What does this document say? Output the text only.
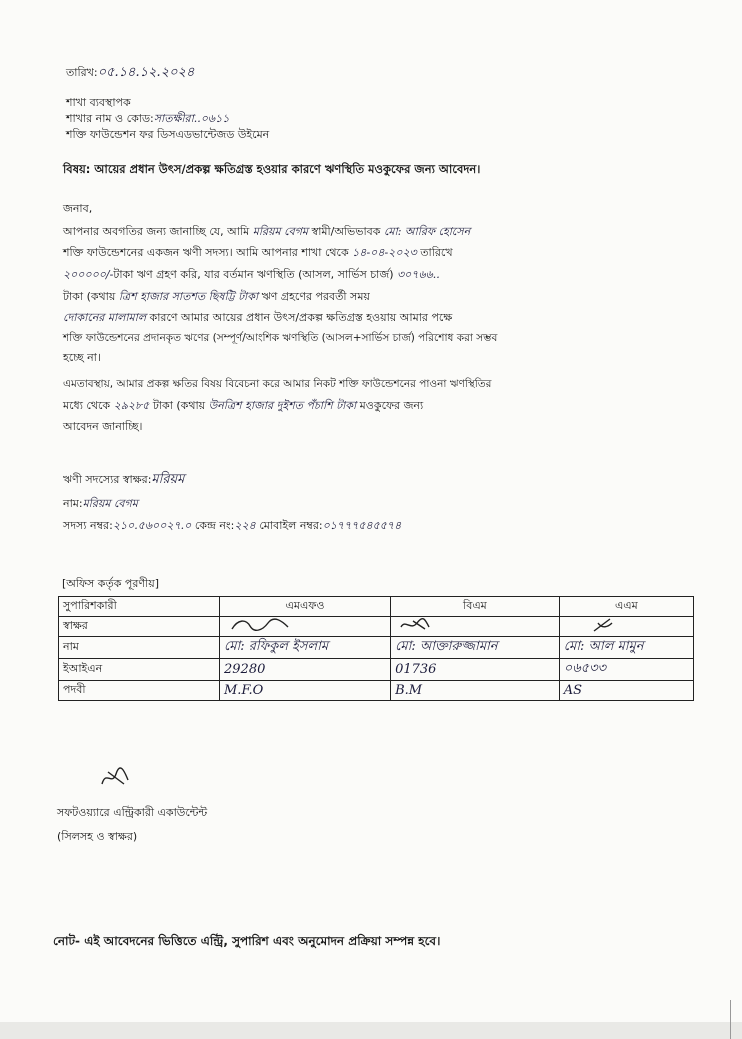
তারিখ:০৫.১৪.১২.২০২৪
শাখা ব্যবস্থাপক
শাখার নাম ও কোড:সাতক্ষীরা..০৬১১
শক্তি ফাউন্ডেশন ফর ডিসএডভান্টেজড উইমেন
বিষয়: আয়ের প্রধান উৎস/প্রকল্প ক্ষতিগ্রস্ত হওয়ার কারণে ঋণস্থিতি মওকুফের জন্য আবেদন।
জনাব,
আপনার অবগতির জন্য জানাচ্ছি যে, আমি মরিয়ম বেগম স্বামী/অভিভাবক মো: আরিফ হোসেন
শক্তি ফাউন্ডেশনের একজন ঋণী সদস্য। আমি আপনার শাখা থেকে ১৪-০৪-২০২৩ তারিখে
২০০০০০/-টাকা ঋণ গ্রহণ করি, যার বর্তমান ঋণস্থিতি (আসল, সার্ভিস চার্জ) ৩০৭৬৬..
টাকা (কথায় ত্রিশ হাজার সাতশত ছিষট্টি টাকা ঋণ গ্রহণের পরবর্তী সময়
দোকানের মালামাল কারণে আমার আয়ের প্রধান উৎস/প্রকল্প ক্ষতিগ্রস্ত হওয়ায় আমার পক্ষে
শক্তি ফাউন্ডেশনের প্রদানকৃত ঋণের (সম্পূর্ণ/আংশিক ঋণস্থিতি (আসল+সার্ভিস চার্জ) পরিশোধ করা সম্ভব
হচ্ছে না।
এমতাবস্থায়, আমার প্রকল্প ক্ষতির বিষয় বিবেচনা করে আমার নিকট শক্তি ফাউন্ডেশনের পাওনা ঋণস্থিতির
মধ্যে থেকে ২৯২৮৫ টাকা (কথায় উনত্রিশ হাজার দুইশত পঁচাশি টাকা মওকুফের জন্য
আবেদন জানাচ্ছি।
ঋণী সদস্যের স্বাক্ষর:মরিয়ম
নাম:মরিয়ম বেগম
সদস্য নম্বর:২১০.৫৬০০২৭.০ কেন্দ্র নং:২২৪ মোবাইল নম্বর:০১৭৭৭৫৪৫৫৭৪
[অফিস কর্তৃক পূরণীয়]
সুপারিশকারী	এমএফও	বিএম	এএম
স্বাক্ষর			
নাম	মো: রফিকুল ইসলাম	মো: আক্তারুজ্জামান	মো: আল মামুন
ইআইএন	29280	01736	০৬৫৩৩
পদবী	M.F.O	B.M	AS
সফটওয়্যারে এন্ট্রিকারী একাউন্টেন্ট
(সিলসহ ও স্বাক্ষর)
নোট- এই আবেদনের ভিত্তিতে এন্ট্রি, সুপারিশ এবং অনুমোদন প্রক্রিয়া সম্পন্ন হবে।
